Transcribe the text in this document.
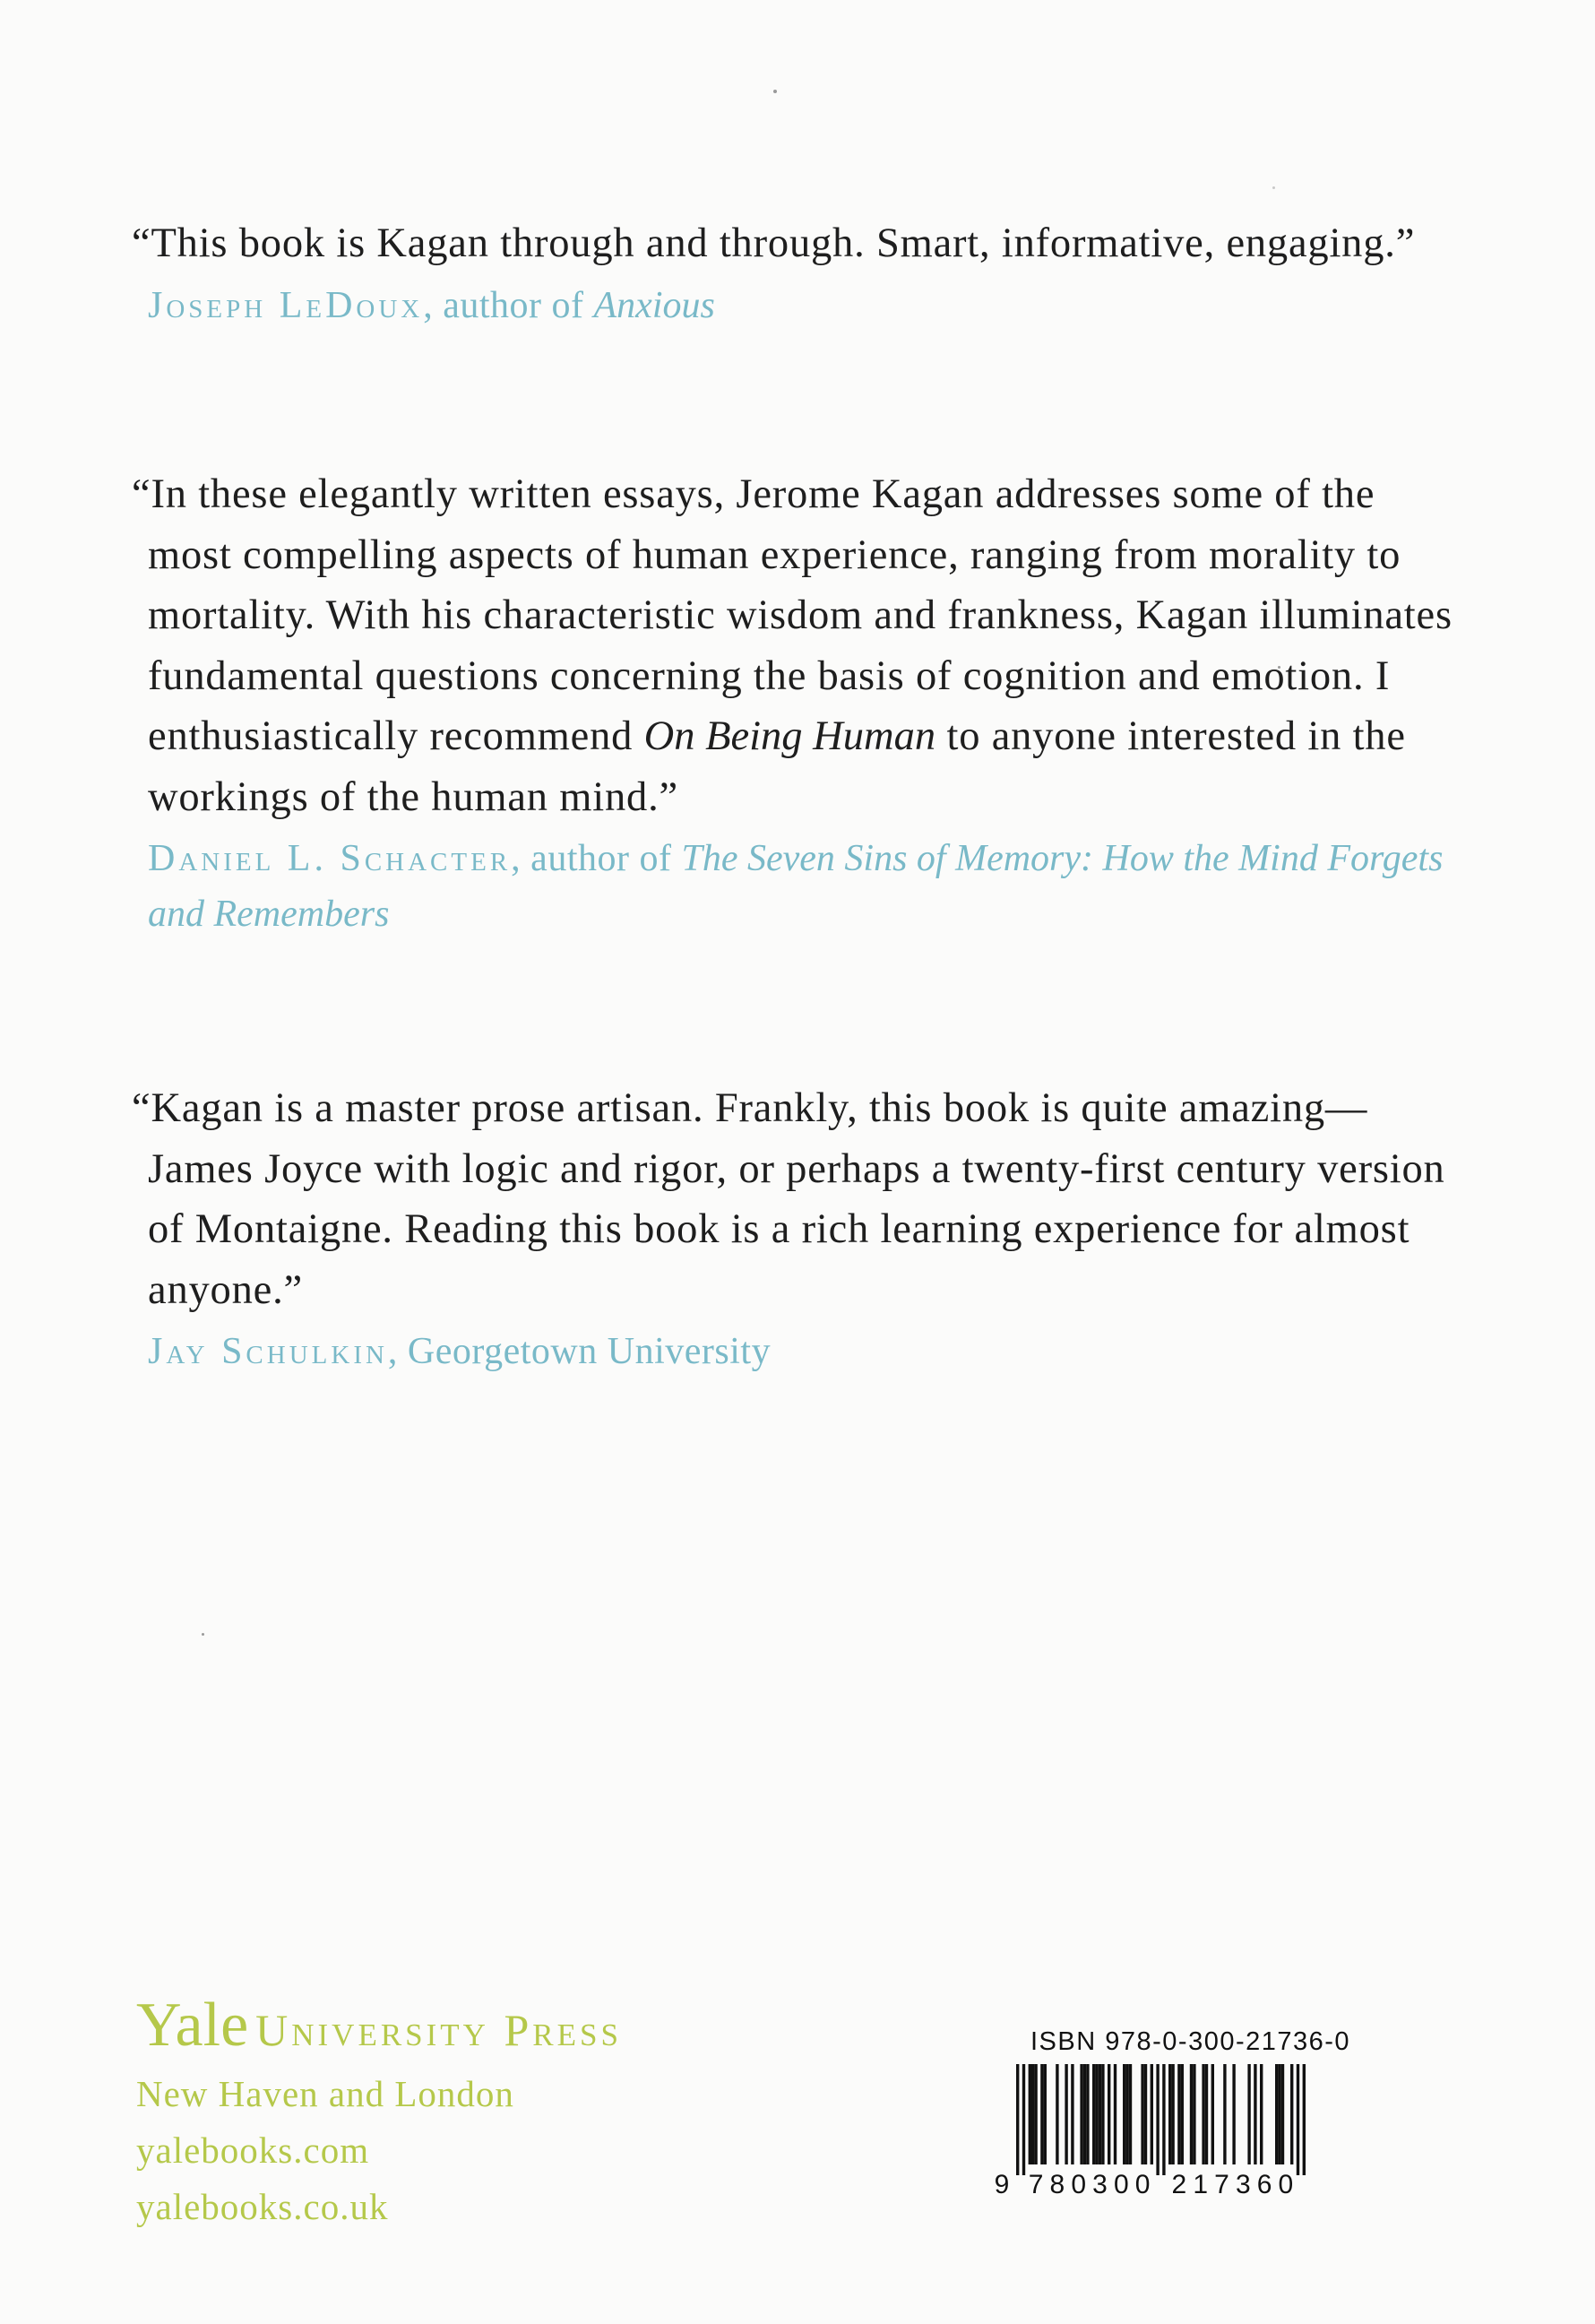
“This book is Kagan through and through. Smart, informative, engaging.”

Joseph LeDoux, author of Anxious

“In these elegantly written essays, Jerome Kagan addresses some of the most compelling aspects of human experience, ranging from morality to mortality. With his characteristic wisdom and frankness, Kagan illuminates fundamental questions concerning the basis of cognition and emotion. I enthusiastically recommend On Being Human to anyone interested in the workings of the human mind.”

Daniel L. Schacter, author of The Seven Sins of Memory: How the Mind Forgets and Remembers

“Kagan is a master prose artisan. Frankly, this book is quite amazing—James Joyce with logic and rigor, or perhaps a twenty-first century version of Montaigne. Reading this book is a rich learning experience for almost anyone.”

Jay Schulkin, Georgetown University
Yale University Press
New Haven and London
yalebooks.com
yalebooks.co.uk
ISBN 978-0-300-21736-0
9 7 8 0 3 0 0 2 1 7 3 6 0
